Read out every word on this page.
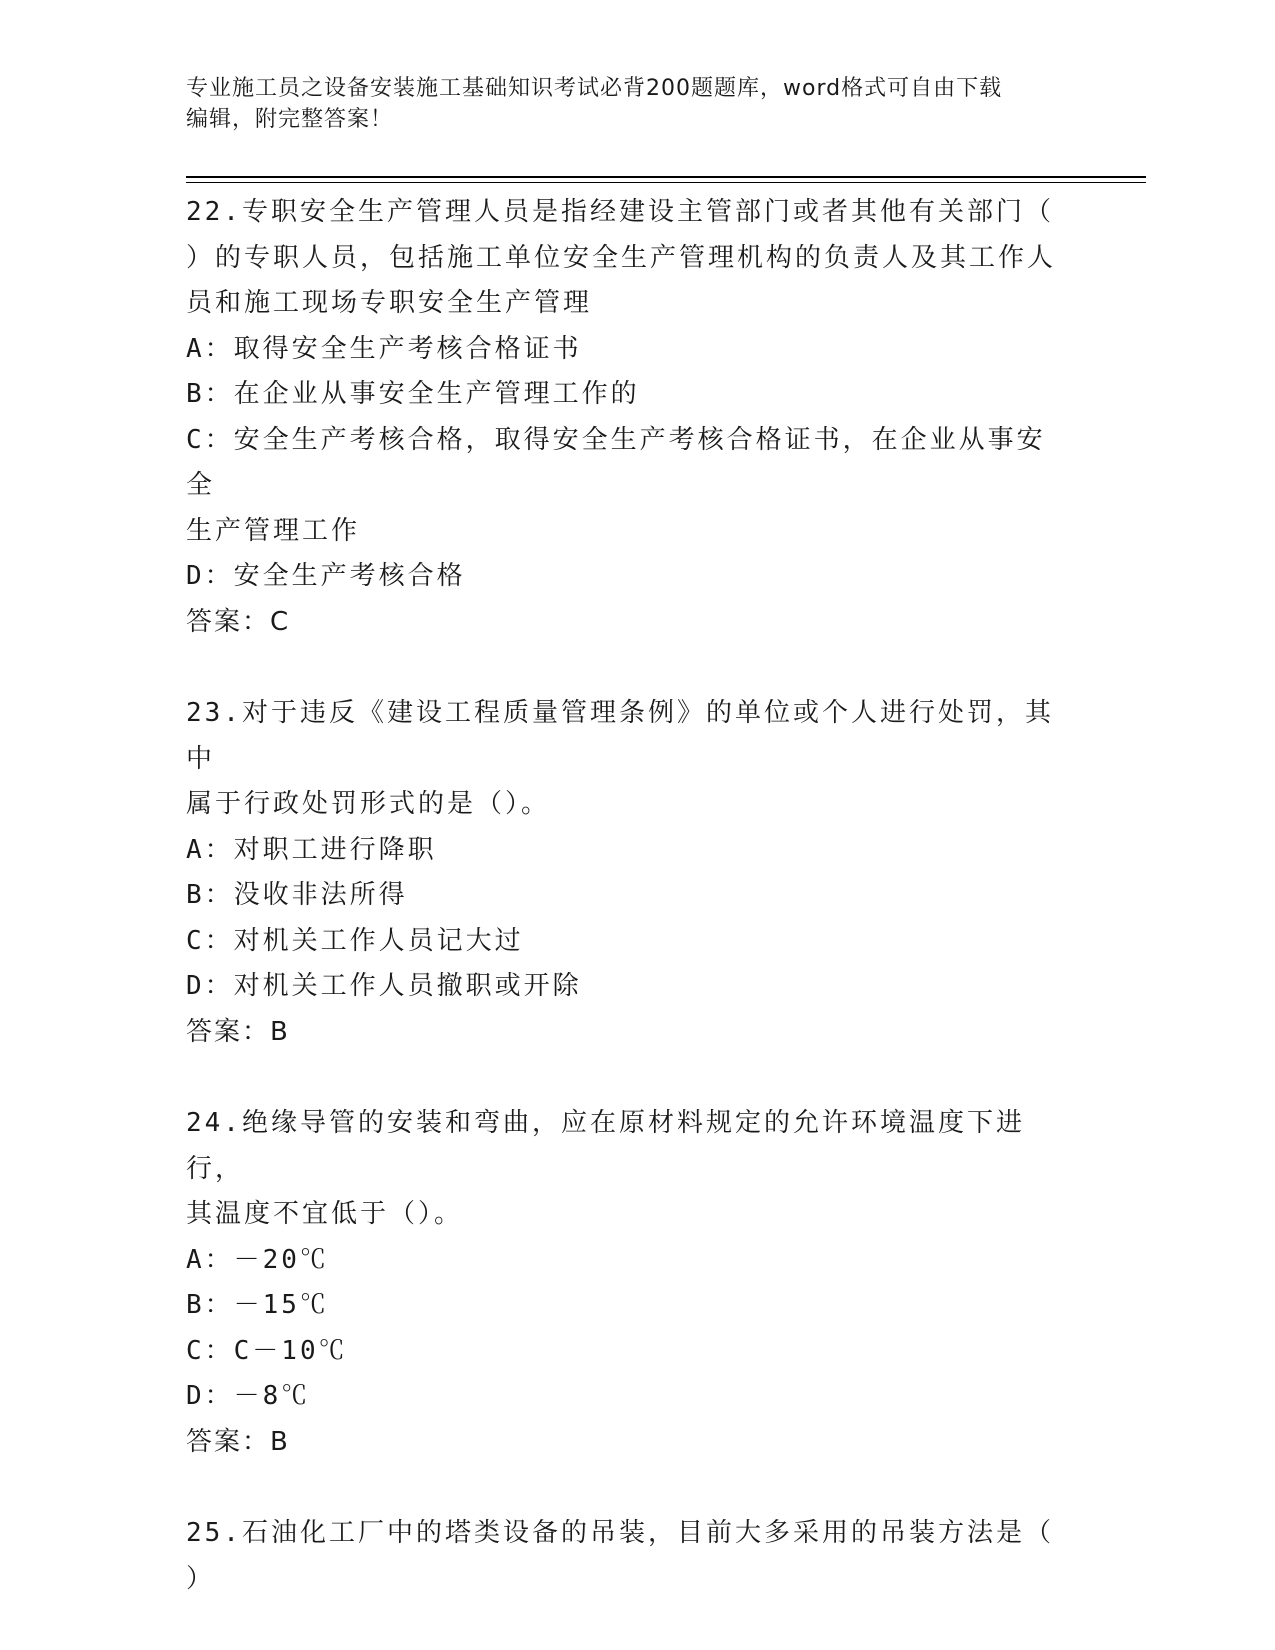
专业施工员之设备安装施工基础知识考试必背200题题库，word格式可自由下载
编辑，附完整答案！
22.专职安全生产管理人员是指经建设主管部门或者其他有关部门（
）的专职人员，包括施工单位安全生产管理机构的负责人及其工作人
员和施工现场专职安全生产管理
A：取得安全生产考核合格证书
B：在企业从事安全生产管理工作的
C：安全生产考核合格，取得安全生产考核合格证书，在企业从事安全
生产管理工作
D：安全生产考核合格
答案：C
23.对于违反《建设工程质量管理条例》的单位或个人进行处罚，其中
属于行政处罚形式的是（）。
A：对职工进行降职
B：没收非法所得
C：对机关工作人员记大过
D：对机关工作人员撤职或开除
答案：B
24.绝缘导管的安装和弯曲，应在原材料规定的允许环境温度下进行，
其温度不宜低于（）。
A：－20℃
B：－15℃
C：C－10℃
D：－8℃
答案：B
25.石油化工厂中的塔类设备的吊装，目前大多采用的吊装方法是（
）
